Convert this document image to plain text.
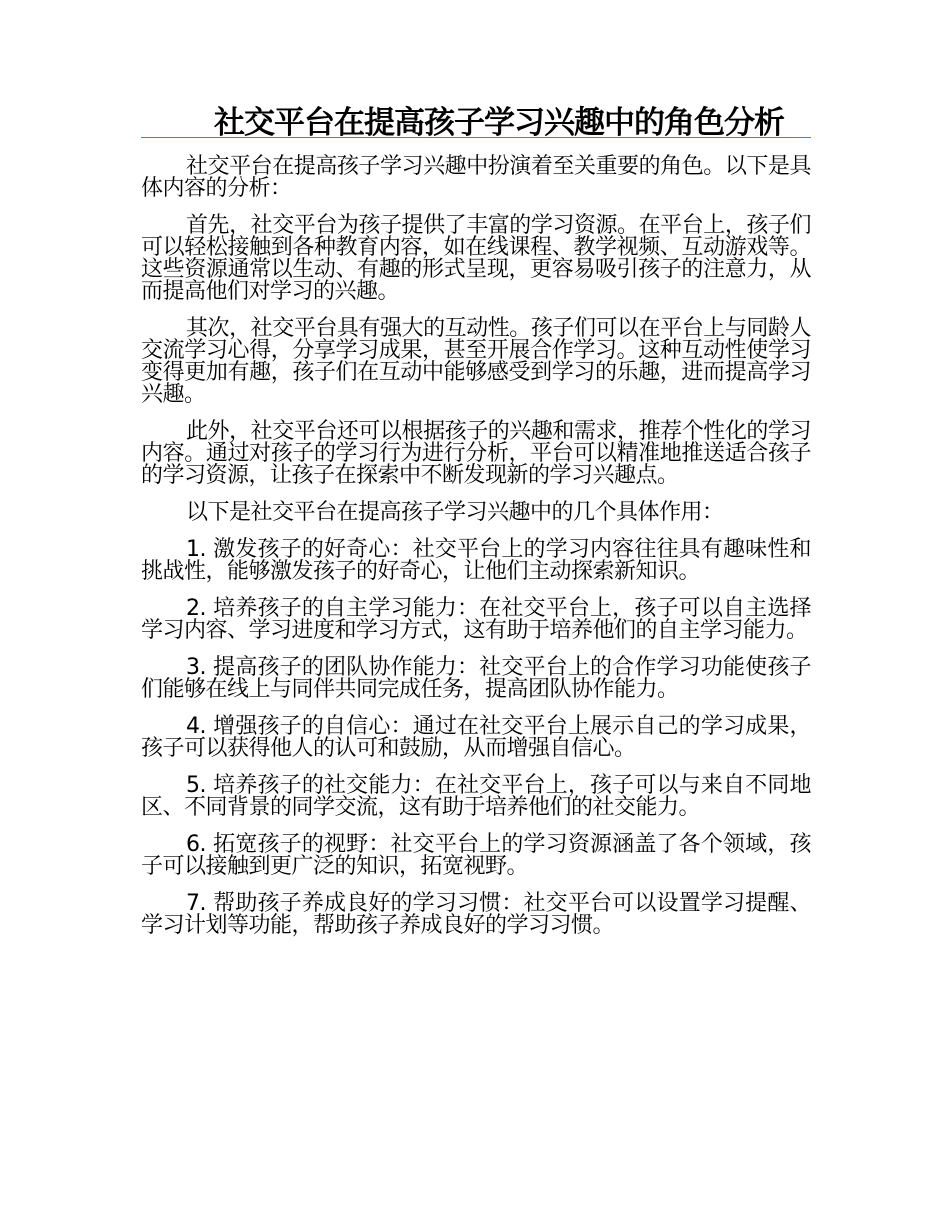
社交平台在提高孩子学习兴趣中的角色分析

社交平台在提高孩子学习兴趣中扮演着至关重要的角色。以下是具体内容的分析：

首先，社交平台为孩子提供了丰富的学习资源。在平台上，孩子们可以轻松接触到各种教育内容，如在线课程、教学视频、互动游戏等。这些资源通常以生动、有趣的形式呈现，更容易吸引孩子的注意力，从而提高他们对学习的兴趣。

其次，社交平台具有强大的互动性。孩子们可以在平台上与同龄人交流学习心得，分享学习成果，甚至开展合作学习。这种互动性使学习变得更加有趣，孩子们在互动中能够感受到学习的乐趣，进而提高学习兴趣。

此外，社交平台还可以根据孩子的兴趣和需求，推荐个性化的学习内容。通过对孩子的学习行为进行分析，平台可以精准地推送适合孩子的学习资源，让孩子在探索中不断发现新的学习兴趣点。

以下是社交平台在提高孩子学习兴趣中的几个具体作用：

1. 激发孩子的好奇心：社交平台上的学习内容往往具有趣味性和挑战性，能够激发孩子的好奇心，让他们主动探索新知识。

2. 培养孩子的自主学习能力：在社交平台上，孩子可以自主选择学习内容、学习进度和学习方式，这有助于培养他们的自主学习能力。

3. 提高孩子的团队协作能力：社交平台上的合作学习功能使孩子们能够在线上与同伴共同完成任务，提高团队协作能力。

4. 增强孩子的自信心：通过在社交平台上展示自己的学习成果，孩子可以获得他人的认可和鼓励，从而增强自信心。

5. 培养孩子的社交能力：在社交平台上，孩子可以与来自不同地区、不同背景的同学交流，这有助于培养他们的社交能力。

6. 拓宽孩子的视野：社交平台上的学习资源涵盖了各个领域，孩子可以接触到更广泛的知识，拓宽视野。

7. 帮助孩子养成良好的学习习惯：社交平台可以设置学习提醒、学习计划等功能，帮助孩子养成良好的学习习惯。
